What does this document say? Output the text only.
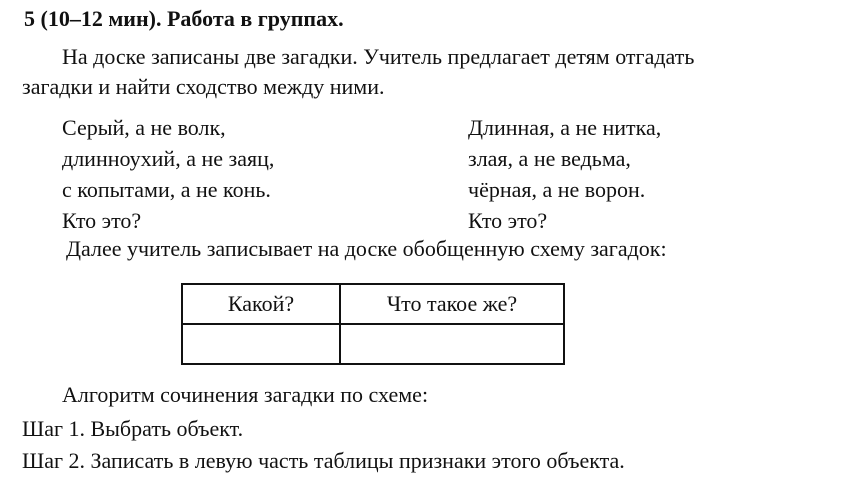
5 (10–12 мин). Работа в группах.
На доске записаны две загадки. Учитель предлагает детям отгадать
загадки и найти сходство между ними.
Серый, а не волк,
длинноухий, а не заяц,
с копытами, а не конь.
Кто это?
Длинная, а не нитка,
злая, а не ведьма,
чёрная, а не ворон.
Кто это?
Далее учитель записывает на доске обобщенную схему загадок:
Какой?	Что такое же?

Алгоритм сочинения загадки по схеме:
Шаг 1. Выбрать объект.
Шаг 2. Записать в левую часть таблицы признаки этого объекта.
